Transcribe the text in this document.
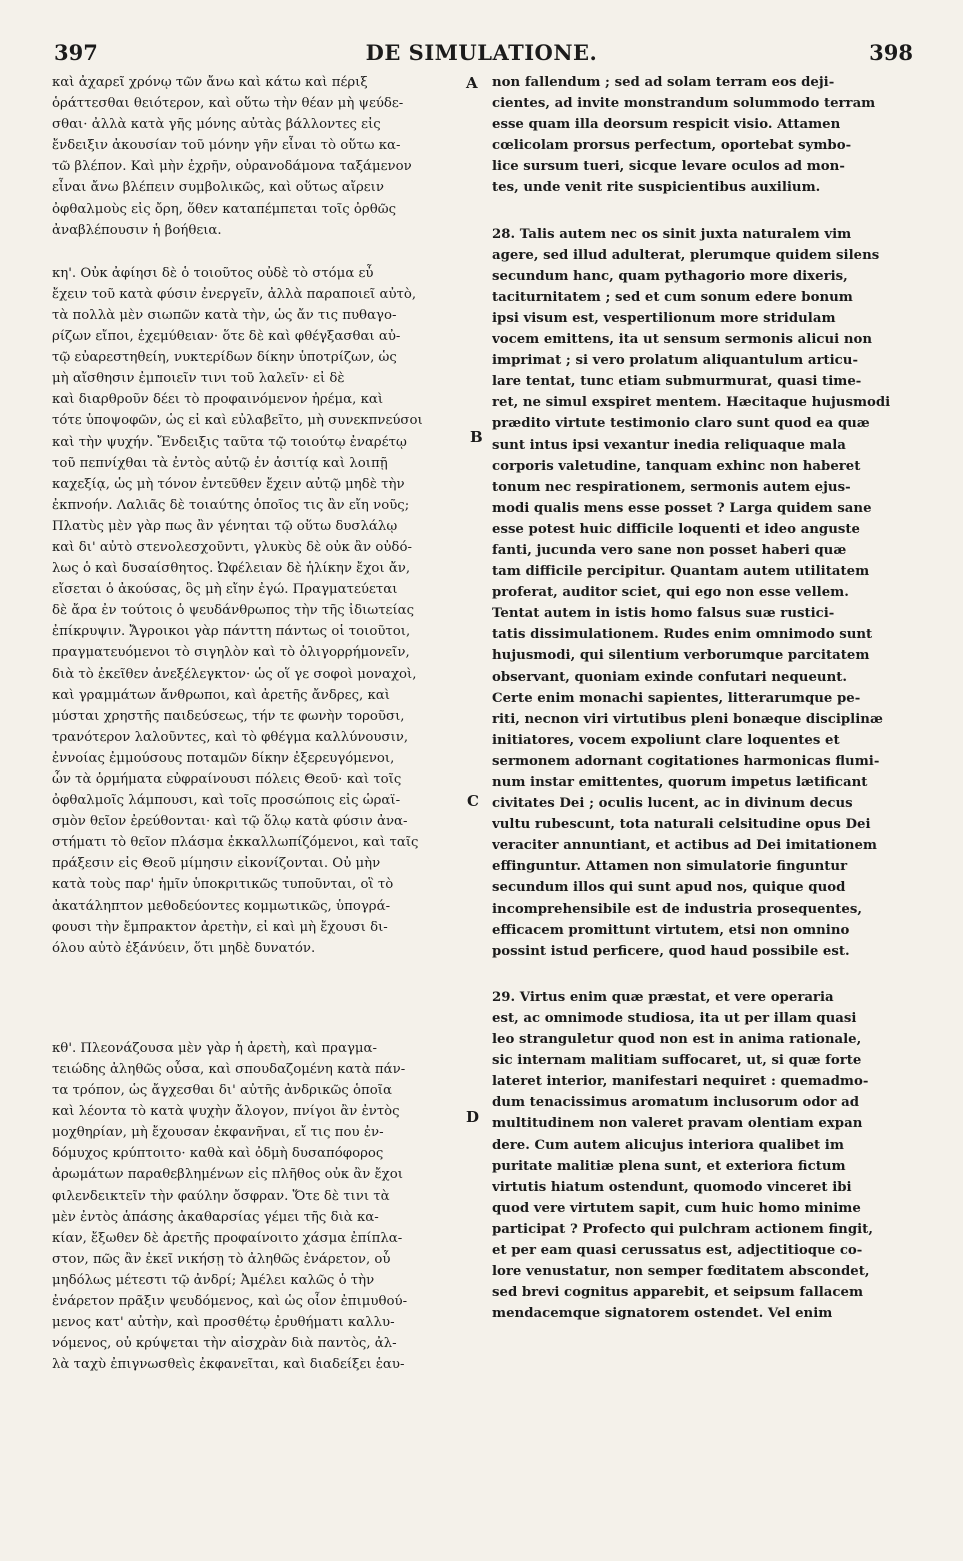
397	DE SIMULATIONE.	398
A
B
C
D
καὶ ἀχαρεῖ χρόνῳ τῶν ἄνω καὶ κάτω καὶ πέριξ
ὁράττεσθαι θειότερον, καὶ οὕτω τὴν θέαν μὴ ψεύδε-
σθαι· ἀλλὰ κατὰ γῆς μόνης αὐτὰς βάλλοντες εἰς
ἔνδειξιν ἀκουσίαν τοῦ μόνην γῆν εἶναι τὸ οὕτω κα-
τῶ βλέπον. Καὶ μὴν ἐχρῆν, οὐρανοδάμονα ταξάμενον
εἶναι ἄνω βλέπειν συμβολικῶς, καὶ οὕτως αἴρειν
ὀφθαλμοὺς εἰς ὄρη, ὅθεν καταπέμπεται τοῖς ὀρθῶς
ἀναβλέπουσιν ἡ βοήθεια.
κη'. Οὐκ ἀφίησι δὲ ὁ τοιοῦτος οὐδὲ τὸ στόμα εὖ
ἔχειν τοῦ κατὰ φύσιν ἐνεργεῖν, ἀλλὰ παραποιεῖ αὐτὸ,
τὰ πολλὰ μὲν σιωπῶν κατὰ τὴν, ὡς ἄν τις πυθαγο-
ρίζων εἴποι, ἐχεμύθειαν· ὅτε δὲ καὶ φθέγξασθαι αὐ-
τῷ εὐαρεστηθείη, νυκτερίδων δίκην ὑποτρίζων, ὡς
μὴ αἴσθησιν ἐμποιεῖν τινι τοῦ λαλεῖν· εἰ δὲ
καὶ διαρθροῦν δέει τὸ προφαινόμενον ἠρέμα, καὶ
τότε ὑποψοφῶν, ὡς εἰ καὶ εὐλαβεῖτο, μὴ συνεκπνεύσοι
καὶ τὴν ψυχήν. Ἔνδειξις ταῦτα τῷ τοιούτῳ ἐναρέτῳ
τοῦ πεπνίχθαι τὰ ἐντὸς αὐτῷ ἐν ἀσιτίᾳ καὶ λοιπῇ
καχεξίᾳ, ὡς μὴ τόνον ἐντεῦθεν ἔχειν αὐτῷ μηδὲ τὴν
ἐκπνοήν. Λαλιᾶς δὲ τοιαύτης ὁποῖος τις ἂν εἴη νοῦς;
Πλατὺς μὲν γὰρ πως ἂν γένηται τῷ οὕτω δυσλάλῳ
καὶ δι' αὐτὸ στενολεσχοῦντι, γλυκὺς δὲ οὐκ ἂν οὐδό-
λως ὁ καὶ δυσαίσθητος. Ὠφέλειαν δὲ ἡλίκην ἔχοι ἄν,
εἴσεται ὁ ἀκούσας, ὃς μὴ εἴην ἐγώ. Πραγματεύεται
δὲ ἄρα ἐν τούτοις ὁ ψευδάνθρωπος τὴν τῆς ἰδιωτείας
ἐπίκρυψιν. Ἄγροικοι γὰρ πάνττη πάντως οἱ τοιοῦτοι,
πραγματευόμενοι τὸ σιγηλὸν καὶ τὸ ὀλιγορρήμονεῖν,
διὰ τὸ ἐκεῖθεν ἀνεξέλεγκτον· ὡς οἵ γε σοφοὶ μοναχοὶ,
καὶ γραμμάτων ἄνθρωποι, καὶ ἀρετῆς ἄνδρες, καὶ
μύσται χρηστῆς παιδεύσεως, τήν τε φωνὴν τοροῦσι,
τρανότερον λαλοῦντες, καὶ τὸ φθέγμα καλλύνουσιν,
ἐννοίας ἐμμούσους ποταμῶν δίκην ἐξερευγόμενοι,
ὧν τὰ ὁρμήματα εὐφραίνουσι πόλεις Θεοῦ· καὶ τοῖς
ὀφθαλμοῖς λάμπουσι, καὶ τοῖς προσώποις εἰς ὡραϊ-
σμὸν θεῖον ἐρεύθονται· καὶ τῷ ὅλῳ κατὰ φύσιν ἀνα-
στήματι τὸ θεῖον πλάσμα ἐκκαλλωπίζόμενοι, καὶ ταῖς
πράξεσιν εἰς Θεοῦ μίμησιν εἰκονίζονται. Οὐ μὴν
κατὰ τοὺς παρ' ἡμῖν ὑποκριτικῶς τυποῦνται, οἳ τὸ
ἀκατάληπτον μεθοδεύοντες κομμωτικῶς, ὑπογρά-
φουσι τὴν ἔμπρακτον ἀρετὴν, εἰ καὶ μὴ ἔχουσι δι-
όλου αὐτὸ ἐξάνύειν, ὅτι μηδὲ δυνατόν.
κθ'. Πλεονάζουσα μὲν γὰρ ἡ ἀρετὴ, καὶ πραγμα-
τειώδης ἀληθῶς οὖσα, καὶ σπουδαζομένη κατὰ πάν-
τα τρόπον, ὡς ἄγχεσθαι δι' αὐτῆς ἀνδρικῶς ὁποῖα
καὶ λέοντα τὸ κατὰ ψυχὴν ἄλογον, πνίγοι ἂν ἐντὸς
μοχθηρίαν, μὴ ἔχουσαν ἐκφανῆναι, εἴ τις που ἐν-
δόμυχος κρύπτοιτο· καθὰ καὶ ὀδμὴ δυσαπόφορος
ἀρωμάτων παραθεβλημένων εἰς πλῆθος οὐκ ἂν ἔχοι
φιλενδεικτεῖν τὴν φαύλην ὄσφραν. Ὅτε δὲ τινι τὰ
μὲν ἐντὸς ἁπάσης ἀκαθαρσίας γέμει τῆς διὰ κα-
κίαν, ἔξωθεν δὲ ἀρετῆς προφαίνοιτο χάσμα ἐπίπλα-
στον, πῶς ἂν ἐκεῖ νικήσῃ τὸ ἀληθῶς ἐνάρετον, οὗ
μηδόλως μέτεστι τῷ ἀνδρί; Ἀμέλει καλῶς ὁ τὴν
ἐνάρετον πρᾶξιν ψευδόμενος, καὶ ὡς οἷον ἐπιμυθού-
μενος κατ' αὐτὴν, καὶ προσθέτῳ ἐρυθήματι καλλυ-
νόμενος, οὐ κρύψεται τὴν αἰσχρὰν διὰ παντὸς, ἀλ-
λὰ ταχὺ ἐπιγνωσθεὶς ἐκφανεῖται, καὶ διαδείξει ἑαυ-
non fallendum ; sed ad solam terram eos deji-
cientes, ad invite monstrandum solummodo terram
esse quam illa deorsum respicit visio. Attamen
cœlicolam prorsus perfectum, oportebat symbo-
lice sursum tueri, sicque levare oculos ad mon-
tes, unde venit rite suspicientibus auxilium.
28. Talis autem nec os sinit juxta naturalem vim
agere, sed illud adulterat, plerumque quidem silens
secundum hanc, quam pythagorio more dixeris,
taciturnitatem ; sed et cum sonum edere bonum
ipsi visum est, vespertilionum more stridulam
vocem emittens, ita ut sensum sermonis alicui non
imprimat ; si vero prolatum aliquantulum articu-
lare tentat, tunc etiam submurmurat, quasi time-
ret, ne simul exspiret mentem. Hæcitaque hujusmodi
prædito virtute testimonio claro sunt quod ea quæ
sunt intus ipsi vexantur inedia reliquaque mala
corporis valetudine, tanquam exhinc non haberet
tonum nec respirationem, sermonis autem ejus-
modi qualis mens esse posset ? Larga quidem sane
esse potest huic difficile loquenti et ideo anguste
fanti, jucunda vero sane non posset haberi quæ
tam difficile percipitur. Quantam autem utilitatem
proferat, auditor sciet, qui ego non esse vellem.
Tentat autem in istis homo falsus suæ rustici-
tatis dissimulationem. Rudes enim omnimodo sunt
hujusmodi, qui silentium verborumque parcitatem
observant, quoniam exinde confutari nequeunt.
Certe enim monachi sapientes, litterarumque pe-
riti, necnon viri virtutibus pleni bonæque disciplinæ
initiatores, vocem expoliunt clare loquentes et
sermonem adornant cogitationes harmonicas flumi-
num instar emittentes, quorum impetus lætificant
civitates Dei ; oculis lucent, ac in divinum decus
vultu rubescunt, tota naturali celsitudine opus Dei
veraciter annuntiant, et actibus ad Dei imitationem
effinguntur. Attamen non simulatorie finguntur
secundum illos qui sunt apud nos, quique quod
incomprehensibile est de industria prosequentes,
efficacem promittunt virtutem, etsi non omnino
possint istud perficere, quod haud possibile est.
29. Virtus enim quæ præstat, et vere operaria
est, ac omnimode studiosa, ita ut per illam quasi
leo stranguletur quod non est in anima rationale,
sic internam malitiam suffocaret, ut, si quæ forte
lateret interior, manifestari nequiret : quemadmo-
dum tenacissimus aromatum inclusorum odor ad
multitudinem non valeret pravam olentiam expan
dere. Cum autem alicujus interiora qualibet im
puritate malitiæ plena sunt, et exteriora fictum
virtutis hiatum ostendunt, quomodo vinceret ibi
quod vere virtutem sapit, cum huic homo minime
participat ? Profecto qui pulchram actionem fingit,
et per eam quasi cerussatus est, adjectitioque co-
lore venustatur, non semper fœditatem abscondet,
sed brevi cognitus apparebit, et seipsum fallacem
mendacemque signatorem ostendet. Vel enim
